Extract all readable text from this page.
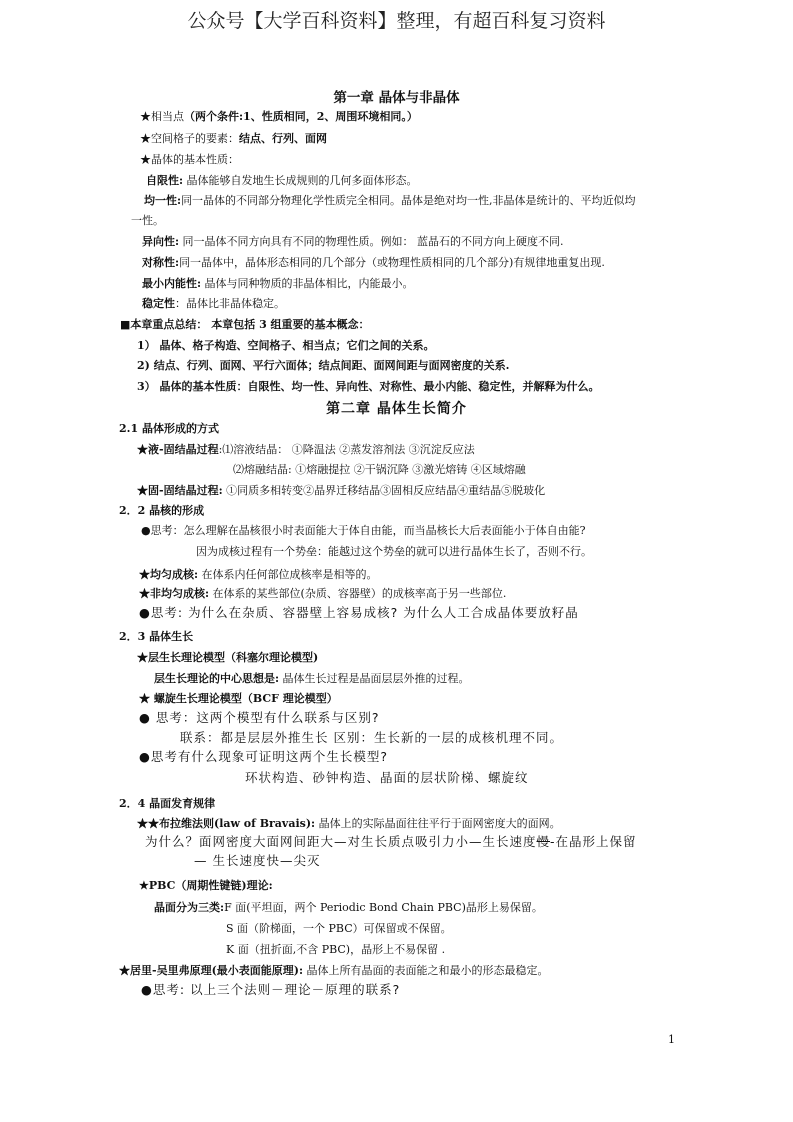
公众号【大学百科资料】整理，有超百科复习资料
第一章 晶体与非晶体
★相当点（两个条件:1、性质相同，2、周围环境相同。）
★空间格子的要素：结点、行列、面网
★晶体的基本性质：
自限性: 晶体能够自发地生长成规则的几何多面体形态。
均一性:同一晶体的不同部分物理化学性质完全相同。晶体是绝对均一性,非晶体是统计的、平均近似均
一性。
异向性: 同一晶体不同方向具有不同的物理性质。例如： 蓝晶石的不同方向上硬度不同.
对称性:同一晶体中，晶体形态相同的几个部分（或物理性质相同的几个部分)有规律地重复出现.
最小内能性: 晶体与同种物质的非晶体相比，内能最小。
稳定性：晶体比非晶体稳定。
■本章重点总结： 本章包括 3 组重要的基本概念：
1） 晶体、格子构造、空间格子、相当点；它们之间的关系。
2) 结点、行列、面网、平行六面体；结点间距、面网间距与面网密度的关系.
3） 晶体的基本性质：自限性、均一性、异向性、对称性、最小内能、稳定性，并解释为什么。
第二章 晶体生长简介
2.1 晶体形成的方式
★液-固结晶过程:⑴溶液结晶： ①降温法 ②蒸发溶剂法 ③沉淀反应法
⑵熔融结晶: ①熔融提拉 ②干锅沉降 ③激光熔铸 ④区域熔融
★固-固结晶过程: ①同质多相转变②晶界迁移结晶③固相反应结晶④重结晶⑤脱玻化
2．2 晶核的形成
●思考：怎么理解在晶核很小时表面能大于体自由能，而当晶核长大后表面能小于体自由能?
因为成核过程有一个势垒：能越过这个势垒的就可以进行晶体生长了，否则不行。
★均匀成核: 在体系内任何部位成核率是相等的。
★非均匀成核: 在体系的某些部位(杂质、容器壁）的成核率高于另一些部位.
●思考: 为什么在杂质、容器壁上容易成核? 为什么人工合成晶体要放籽晶
2．3 晶体生长
★层生长理论模型（科塞尔理论模型)
层生长理论的中心思想是: 晶体生长过程是晶面层层外推的过程。
★ 螺旋生长理论模型（BCF 理论模型）
● 思考：这两个模型有什么联系与区别?
联系：都是层层外推生长 区别：生长新的一层的成核机理不同。
●思考有什么现象可证明这两个生长模型?
环状构造、砂钟构造、晶面的层状阶梯、螺旋纹
2．4 晶面发育规律
★★布拉维法则(law of Bravais): 晶体上的实际晶面往往平行于面网密度大的面网。
为什么？面网密度大面网间距大—对生长质点吸引力小—生长速度慢-在晶形上保留
— 生长速度快—尖灭
★PBC（周期性键链)理论:
晶面分为三类:F 面(平坦面，两个 Periodic Bond Chain PBC)晶形上易保留。
S 面（阶梯面，一个 PBC）可保留或不保留。
K 面（扭折面,不含 PBC)，晶形上不易保留 .
★居里-吴里弗原理(最小表面能原理): 晶体上所有晶面的表面能之和最小的形态最稳定。
●思考: 以上三个法则－理论－原理的联系?
1
